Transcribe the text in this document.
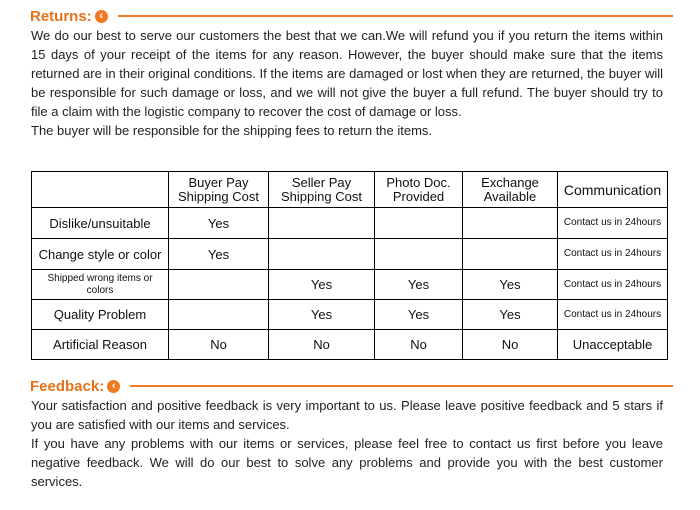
Returns: ‹

We do our best to serve our customers the best that we can.We will refund you if you return the items within 15 days of your receipt of the items for any reason. However, the buyer should make sure that the items returned are in their original conditions. If the items are damaged or lost when they are returned, the buyer will be responsible for such damage or loss, and we will not give the buyer a full refund. The buyer should try to file a claim with the logistic company to recover the cost of damage or loss.

The buyer will be responsible for the shipping fees to return the items.

	Buyer Pay Shipping Cost	Seller Pay Shipping Cost	Photo Doc. Provided	Exchange Available	Communication
Dislike/unsuitable	Yes				Contact us in 24hours
Change style or color	Yes				Contact us in 24hours
Shipped wrong items or colors		Yes	Yes	Yes	Contact us in 24hours
Quality Problem		Yes	Yes	Yes	Contact us in 24hours
Artificial Reason	No	No	No	No	Unacceptable
Feedback: ‹

Your satisfaction and positive feedback is very important to us. Please leave positive feedback and 5 stars if you are satisfied with our items and services.

If you have any problems with our items or services, please feel free to contact us first before you leave negative feedback. We will do our best to solve any problems and provide you with the best customer services.
